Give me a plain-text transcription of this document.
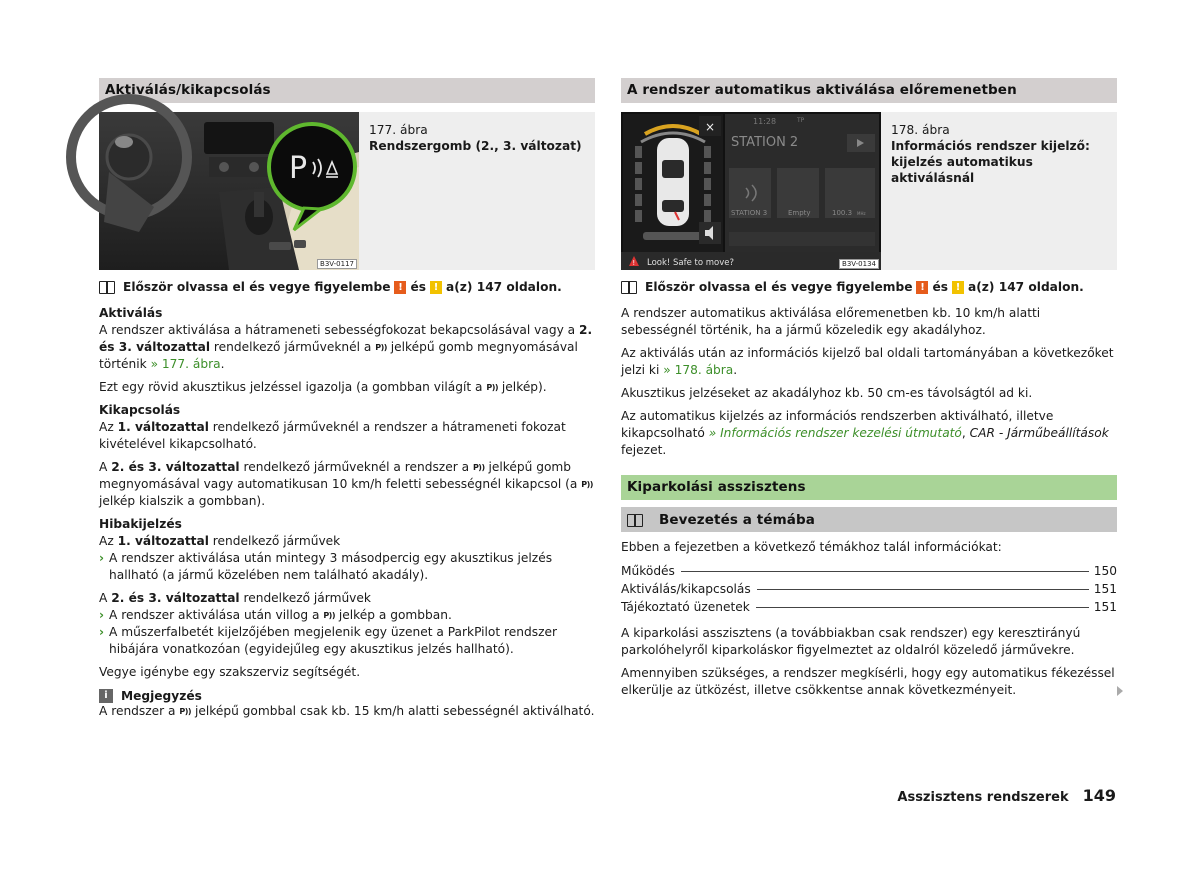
Aktiválás/kikapcsolás
P
B3V-0117
177. ábra
Rendszergomb (2., 3. változat)
Először olvassa el és vegye figyelembe ! és ! a(z) 147 oldalon.
Aktiválás

A rendszer aktiválása a hátrameneti sebességfokozat bekapcsolásával vagy a 2. és 3. változattal rendelkező járműveknél a P)) jelképű gomb megnyomásával történik » 177. ábra.

Ezt egy rövid akusztikus jelzéssel igazolja (a gombban világít a P)) jelkép).

Kikapcsolás

Az 1. változattal rendelkező járműveknél a rendszer a hátrameneti fokozat kivételével kikapcsolható.

A 2. és 3. változattal rendelkező járműveknél a rendszer a P)) jelképű gomb megnyomásával vagy automatikusan 10 km/h feletti sebességnél kikapcsol (a P)) jelkép kialszik a gombban).

Hibakijelzés

Az 1. változattal rendelkező járművek

› A rendszer aktiválása után mintegy 3 másodpercig egy akusztikus jelzés hallható (a jármű közelében nem található akadály).

A 2. és 3. változattal rendelkező járművek

› A rendszer aktiválása után villog a P)) jelkép a gombban.
› A műszerfalbetét kijelzőjében megjelenik egy üzenet a ParkPilot rendszer hibájára vonatkozóan (egyidejűleg egy akusztikus jelzés hallható).

Vegye igénybe egy szakszerviz segítségét.

i	Megjegyzés

A rendszer a P)) jelképű gombbal csak kb. 15 km/h alatti sebességnél aktiválható.

A rendszer automatikus aktiválása előremenetben
×	11:28	TP
STATION 2
STATION 3	Empty	100.3 MHz
! Look! Safe to move?	B3V-0134
178. ábra
Információs rendszer kijelző: kijelzés automatikus aktiválásnál
Először olvassa el és vegye figyelembe ! és ! a(z) 147 oldalon.

A rendszer automatikus aktiválása előremenetben kb. 10 km/h alatti sebességnél történik, ha a jármű közeledik egy akadályhoz.

Az aktiválás után az információs kijelző bal oldali tartományában a következőket jelzi ki » 178. ábra.

Akusztikus jelzéseket az akadályhoz kb. 50 cm-es távolságtól ad ki.

Az automatikus kijelzés az információs rendszerben aktiválható, illetve kikapcsolható » Információs rendszer kezelési útmutató, CAR - Járműbeállítások fejezet.

Kiparkolási asszisztens
Bevezetés a témába

Ebben a fejezetben a következő témákhoz talál információkat:

Működés	150
Aktiválás/kikapcsolás	151
Tájékoztató üzenetek	151

A kiparkolási asszisztens (a továbbiakban csak rendszer) egy keresztirányú parkolóhelyről kiparkoláskor figyelmeztet az oldalról közeledő járművekre.

Amennyiben szükséges, a rendszer megkísérli, hogy egy automatikus fékezéssel elkerülje az ütközést, illetve csökkentse annak következményeit.

Asszisztens rendszerek 149
